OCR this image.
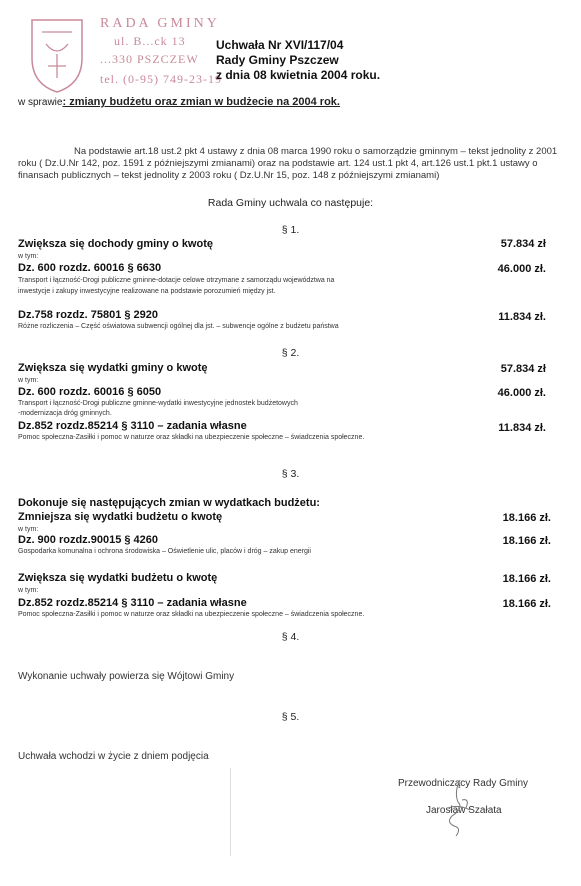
RADA GMINY
ul. B...ck 13
...330 PSZCZEW
tel. (0-95) 749-23-19
Uchwała Nr XVI/117/04
Rady Gminy Pszczew
z dnia 08 kwietnia 2004 roku.
w sprawie: zmiany budżetu oraz zmian w budżecie na 2004 rok.
Na podstawie art.18 ust.2 pkt 4 ustawy z dnia 08 marca 1990 roku o samorządzie gminnym – tekst jednolity z 2001 roku ( Dz.U.Nr 142, poz. 1591 z późniejszymi zmianami) oraz na podstawie art. 124 ust.1 pkt 4, art.126 ust.1 pkt.1 ustawy o finansach publicznych – tekst jednolity z 2003 roku ( Dz.U.Nr 15, poz. 148 z późniejszymi zmianami)
Rada Gminy uchwala co następuje:
§ 1.
Zwiększa się dochody gminy o kwotę	57.834 zł
w tym:
Dz. 600 rozdz. 60016 § 6630	46.000 zł.
Transport i łączność-Drogi publiczne gminne-dotacje celowe otrzymane z samorządu województwa na
inwestycje i zakupy inwestycyjne realizowane na podstawie porozumień między jst.
Dz.758 rozdz. 75801 § 2920	11.834 zł.
Różne rozliczenia – Część oświatowa subwencji ogólnej dla jst. – subwencje ogólne z budżetu państwa
§ 2.
Zwiększa się wydatki gminy o kwotę	57.834 zł
w tym:
Dz. 600 rozdz. 60016 § 6050	46.000 zł.
Transport i łączność-Drogi publiczne gminne-wydatki inwestycyjne jednostek budżetowych
-modernizacja dróg gminnych.
Dz.852 rozdz.85214 § 3110 – zadania własne	11.834 zł.
Pomoc społeczna-Zasiłki i pomoc w naturze oraz składki na ubezpieczenie społeczne – świadczenia społeczne.
§ 3.
Dokonuje się następujących zmian w wydatkach budżetu:
Zmniejsza się wydatki budżetu o kwotę	18.166 zł.
w tym:
Dz. 900 rozdz.90015 § 4260	18.166 zł.
Gospodarka komunalna i ochrona środowiska – Oświetlenie ulic, placów i dróg – zakup energii
Zwiększa się wydatki budżetu o kwotę	18.166 zł.
w tym:
Dz.852 rozdz.85214 § 3110 – zadania własne	18.166 zł.
Pomoc społeczna-Zasiłki i pomoc w naturze oraz składki na ubezpieczenie społeczne – świadczenia społeczne.
§ 4.
Wykonanie uchwały powierza się Wójtowi Gminy
§ 5.
Uchwała wchodzi w życie z dniem podjęcia
Przewodniczący Rady Gminy
Jarosław Szałata
